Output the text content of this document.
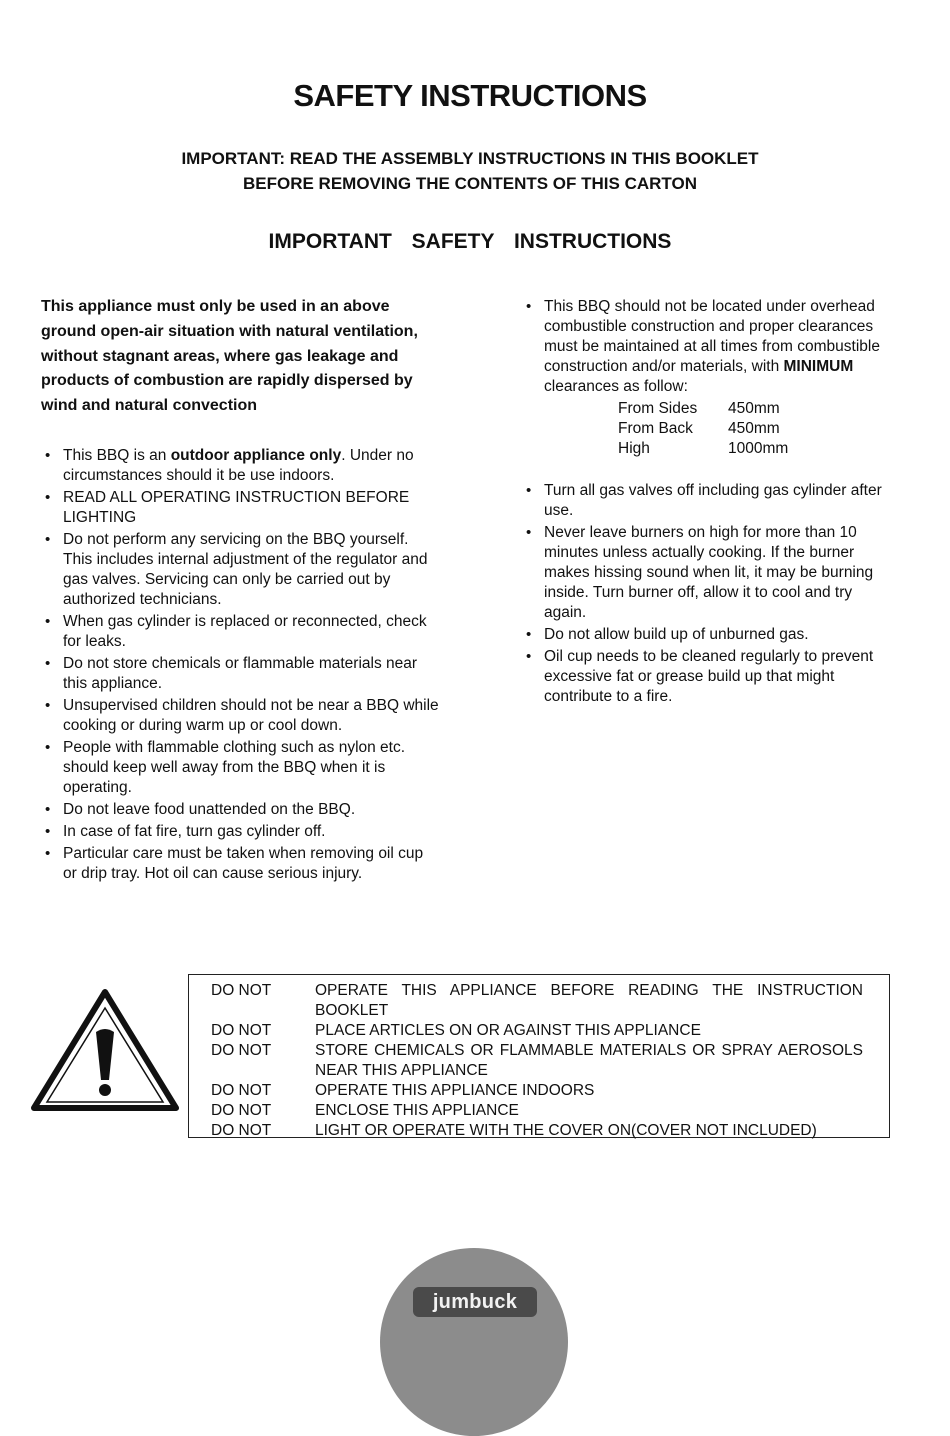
SAFETY INSTRUCTIONS
IMPORTANT: READ THE ASSEMBLY INSTRUCTIONS IN THIS BOOKLET
BEFORE REMOVING THE CONTENTS OF THIS CARTON
IMPORTANT SAFETY INSTRUCTIONS

This appliance must only be used in an above ground open-air situation with natural ventilation, without stagnant areas, where gas leakage and products of combustion are rapidly dispersed by wind and natural convection

• This BBQ is an outdoor appliance only. Under no circumstances should it be use indoors.
• READ ALL OPERATING INSTRUCTION BEFORE LIGHTING
• Do not perform any servicing on the BBQ yourself. This includes internal adjustment of the regulator and gas valves. Servicing can only be carried out by authorized technicians.
• When gas cylinder is replaced or reconnected, check for leaks.
• Do not store chemicals or flammable materials near this appliance.
• Unsupervised children should not be near a BBQ while cooking or during warm up or cool down.
• People with flammable clothing such as nylon etc. should keep well away from the BBQ when it is operating.
• Do not leave food unattended on the BBQ.
• In case of fat fire, turn gas cylinder off.
• Particular care must be taken when removing oil cup or drip tray. Hot oil can cause serious injury.
• This BBQ should not be located under overhead combustible construction and proper clearances must be maintained at all times from combustible construction and/or materials, with MINIMUM clearances as follow:
From Sides	450mm
From Back	450mm
High	1000mm
• Turn all gas valves off including gas cylinder after use.
• Never leave burners on high for more than 10 minutes unless actually cooking. If the burner makes hissing sound when lit, it may be burning inside. Turn burner off, allow it to cool and try again.
• Do not allow build up of unburned gas.
• Oil cup needs to be cleaned regularly to prevent excessive fat or grease build up that might contribute to a fire.
DO NOT	OPERATE THIS APPLIANCE BEFORE READING THE INSTRUCTION BOOKLET
DO NOT	PLACE ARTICLES ON OR AGAINST THIS APPLIANCE
DO NOT	STORE CHEMICALS OR FLAMMABLE MATERIALS OR SPRAY AEROSOLS NEAR THIS APPLIANCE
DO NOT	OPERATE THIS APPLIANCE INDOORS
DO NOT	ENCLOSE THIS APPLIANCE
DO NOT	LIGHT OR OPERATE WITH THE COVER ON(COVER NOT INCLUDED)
jumbuck
